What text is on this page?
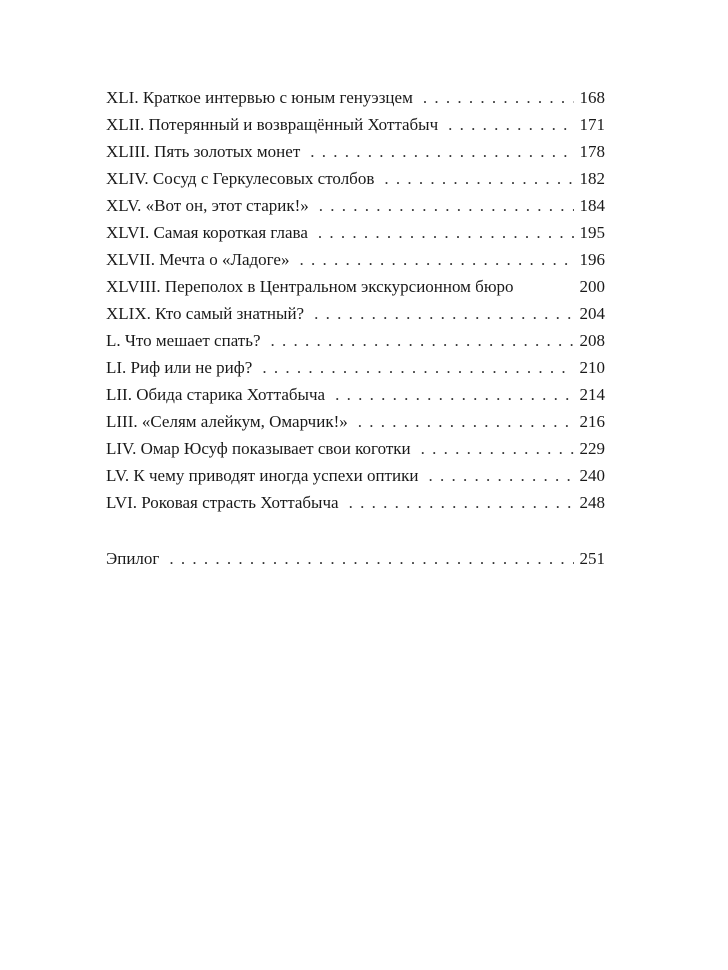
XLI. Краткое интервью с юным генуэзцем . . .	168
XLII. Потерянный и возвращённый Хоттабыч . . .	171
XLIII. Пять золотых монет . . .	178
XLIV. Сосуд с Геркулесовых столбов . . .	182
XLV. «Вот он, этот старик!» . . .	184
XLVI. Самая короткая глава . . .	195
XLVII. Мечта о «Ладоге» . . .	196
XLVIII. Переполох в Центральном экскурсионном бюро	200
XLIX. Кто самый знатный? . . .	204
L. Что мешает спать? . . .	208
LI. Риф или не риф? . . .	210
LII. Обида старика Хоттабыча . . .	214
LIII. «Селям алейкум, Омарчик!» . . .	216
LIV. Омар Юсуф показывает свои коготки . . .	229
LV. К чему приводят иногда успехи оптики . . .	240
LVI. Роковая страсть Хоттабыча . . .	248
Эпилог . . .	251
